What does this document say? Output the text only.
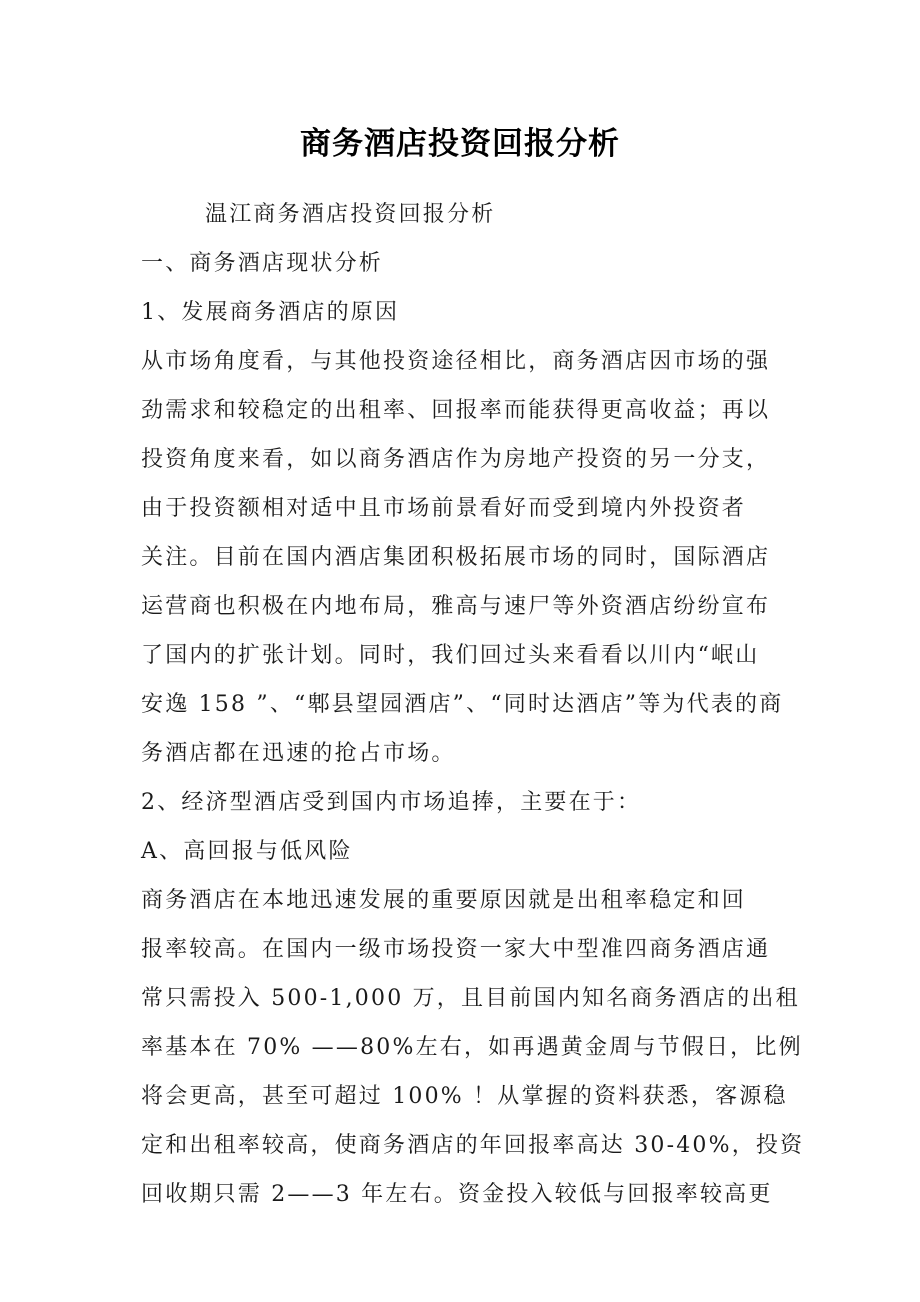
商务酒店投资回报分析
温江商务酒店投资回报分析
一、商务酒店现状分析
1、发展商务酒店的原因
从市场角度看，与其他投资途径相比，商务酒店因市场的强
劲需求和较稳定的出租率、回报率而能获得更高收益；再以
投资角度来看，如以商务酒店作为房地产投资的另一分支，
由于投资额相对适中且市场前景看好而受到境内外投资者
关注。目前在国内酒店集团积极拓展市场的同时，国际酒店
运营商也积极在内地布局，雅高与速尸等外资酒店纷纷宣布
了国内的扩张计划。同时，我们回过头来看看以川内“岷山
安逸 158 ”、“郫县望园酒店”、“同时达酒店”等为代表的商
务酒店都在迅速的抢占市场。
2、经济型酒店受到国内市场追捧，主要在于：
A、高回报与低风险
商务酒店在本地迅速发展的重要原因就是出租率稳定和回
报率较高。在国内一级市场投资一家大中型准四商务酒店通
常只需投入 500-1,000 万，且目前国内知名商务酒店的出租
率基本在 70% ——80%左右，如再遇黄金周与节假日，比例
将会更高，甚至可超过 100% ！从掌握的资料获悉，客源稳
定和出租率较高，使商务酒店的年回报率高达 30-40%，投资
回收期只需 2——3 年左右。资金投入较低与回报率较高更
